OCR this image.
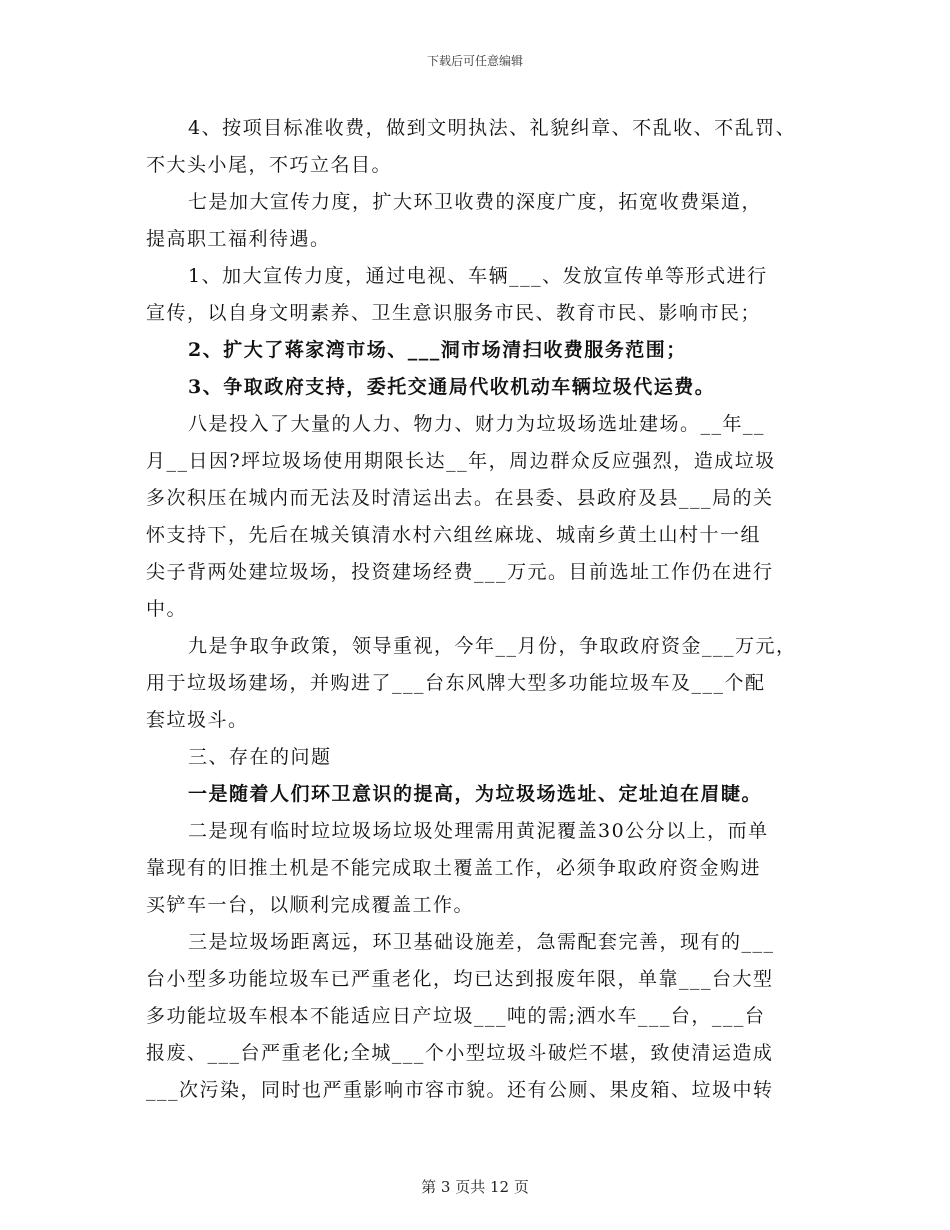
下载后可任意编辑
4、按项目标准收费，做到文明执法、礼貌纠章、不乱收、不乱罚、
不大头小尾，不巧立名目。
七是加大宣传力度，扩大环卫收费的深度广度，拓宽收费渠道，
提高职工福利待遇。
1、加大宣传力度，通过电视、车辆___、发放宣传单等形式进行
宣传，以自身文明素养、卫生意识服务市民、教育市民、影响市民；
2、扩大了蒋家湾市场、___洞市场清扫收费服务范围；
3、争取政府支持，委托交通局代收机动车辆垃圾代运费。
八是投入了大量的人力、物力、财力为垃圾场选址建场。__年__
月__日因?坪垃圾场使用期限长达__年，周边群众反应强烈，造成垃圾
多次积压在城内而无法及时清运出去。在县委、县政府及县___局的关
怀支持下，先后在城关镇清水村六组丝麻垅、城南乡黄土山村十一组
尖子背两处建垃圾场，投资建场经费___万元。目前选址工作仍在进行
中。
九是争取争政策，领导重视，今年__月份，争取政府资金___万元，
用于垃圾场建场，并购进了___台东风牌大型多功能垃圾车及___个配
套垃圾斗。
三、存在的问题
一是随着人们环卫意识的提高，为垃圾场选址、定址迫在眉睫。
二是现有临时垃垃圾场垃圾处理需用黄泥覆盖30公分以上，而单
靠现有的旧推土机是不能完成取土覆盖工作，必须争取政府资金购进
买铲车一台，以顺利完成覆盖工作。
三是垃圾场距离远，环卫基础设施差，急需配套完善，现有的___
台小型多功能垃圾车已严重老化，均已达到报废年限，单靠___台大型
多功能垃圾车根本不能适应日产垃圾___吨的需;洒水车___台，___台
报废、___台严重老化;全城___个小型垃圾斗破烂不堪，致使清运造成
___次污染，同时也严重影响市容市貌。还有公厕、果皮箱、垃圾中转
第 3 页共 12 页
